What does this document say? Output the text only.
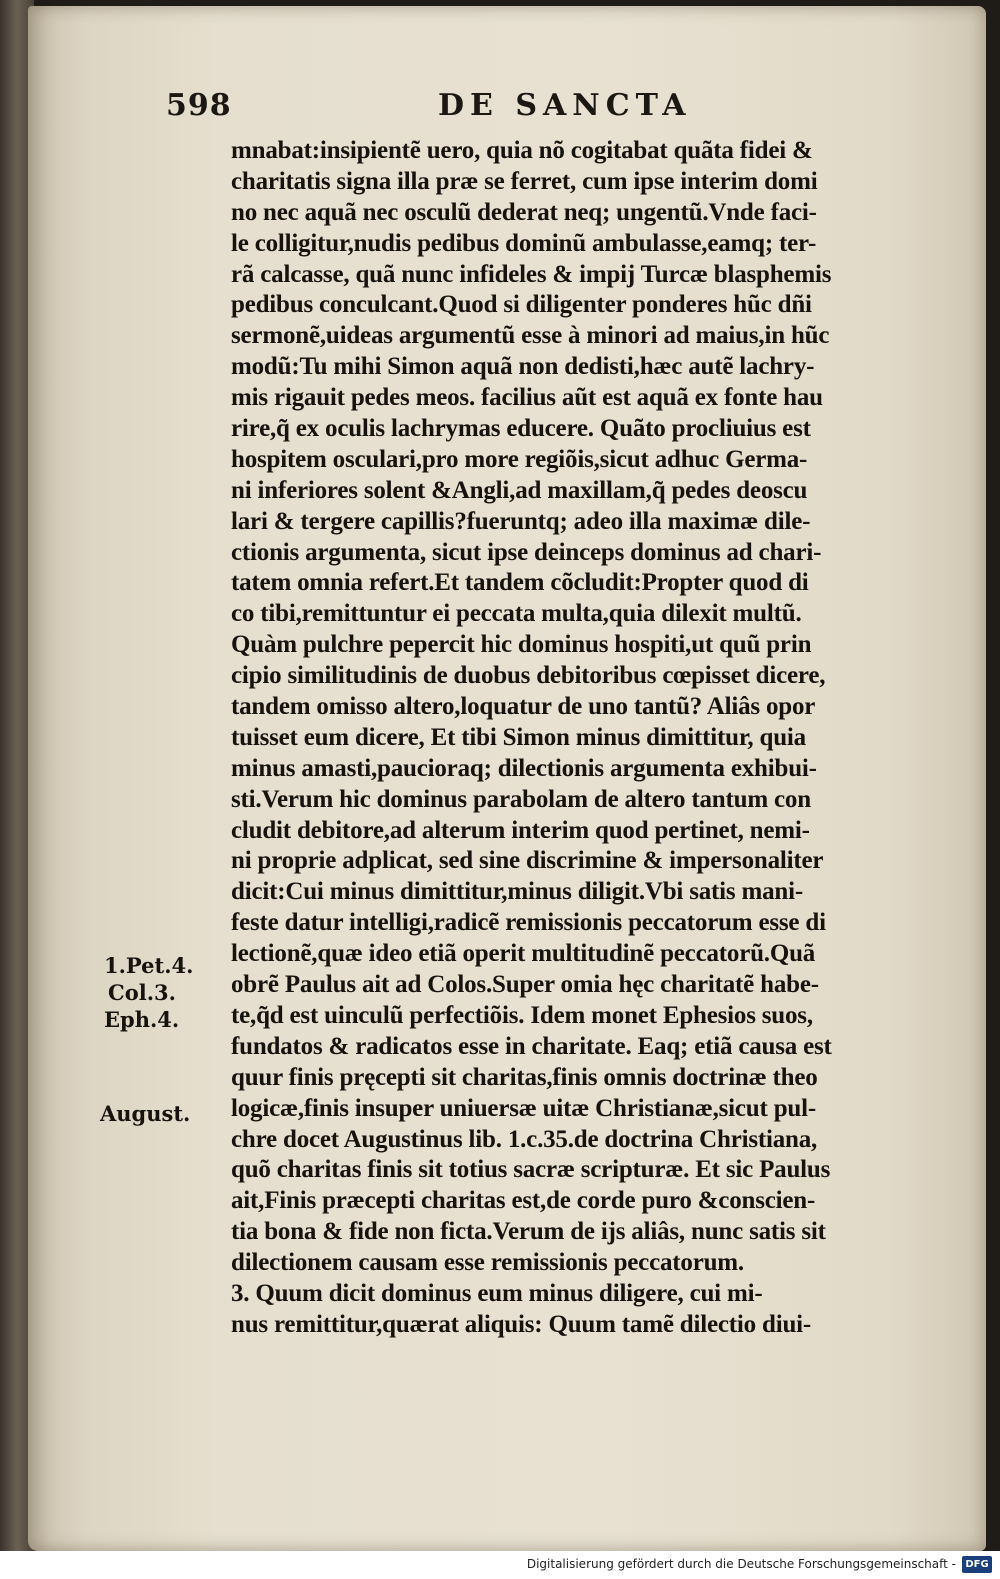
598	DE SANCTA
mnabat:insipientẽ uero, quia nõ cogitabat quãta fidei &
charitatis signa illa præ se ferret, cum ipse interim domi
no nec aquã nec osculũ dederat neq; ungentũ.Vnde faci-
le colligitur,nudis pedibus dominũ ambulasse,eamq; ter-
rã calcasse, quã nunc infideles & impij Turcæ blasphemis
pedibus conculcant.Quod si diligenter ponderes hũc dñi
sermonẽ,uideas argumentũ esse à minori ad maius,in hũc
modũ:Tu mihi Simon aquã non dedisti,hæc autẽ lachry-
mis rigauit pedes meos. facilius aũt est aquã ex fonte hau
rire,q̃ ex oculis lachrymas educere. Quãto procliuius est
hospitem osculari,pro more regiõis,sicut adhuc Germa-
ni inferiores solent &Angli,ad maxillam,q̃ pedes deoscu
lari & tergere capillis?fueruntq; adeo illa maximæ dile-
ctionis argumenta, sicut ipse deinceps dominus ad chari-
tatem omnia refert.Et tandem cõcludit:Propter quod di
co tibi,remittuntur ei peccata multa,quia dilexit multũ.
Quàm pulchre pepercit hic dominus hospiti,ut quũ prin
cipio similitudinis de duobus debitoribus cœpisset dicere,
tandem omisso altero,loquatur de uno tantũ? Aliâs opor
tuisset eum dicere, Et tibi Simon minus dimittitur, quia
minus amasti,paucioraq; dilectionis argumenta exhibui-
sti.Verum hic dominus parabolam de altero tantum con
cludit debitore,ad alterum interim quod pertinet, nemi-
ni proprie adplicat, sed sine discrimine & impersonaliter
dicit:Cui minus dimittitur,minus diligit.Vbi satis mani-
feste datur intelligi,radicẽ remissionis peccatorum esse di
lectionẽ,quæ ideo etiã operit multitudinẽ peccatorũ.Quã
obrẽ Paulus ait ad Colos.Super omia hęc charitatẽ habe-
te,q̃d est uinculũ perfectiõis. Idem monet Ephesios suos,
fundatos & radicatos esse in charitate. Eaq; etiã causa est
quur finis pręcepti sit charitas,finis omnis doctrinæ theo
logicæ,finis insuper uniuersæ uitæ Christianæ,sicut pul-
chre docet Augustinus lib. 1.c.35.de doctrina Christiana,
quõ charitas finis sit totius sacræ scripturæ. Et sic Paulus
ait,Finis præcepti charitas est,de corde puro &conscien-
tia bona & fide non ficta.Verum de ijs aliâs, nunc satis sit
dilectionem causam esse remissionis peccatorum.
3. Quum dicit dominus eum minus diligere, cui mi-
nus remittitur,quærat aliquis: Quum tamẽ dilectio diui-
1.Pet.4.
Col.3.
Eph.4.
August.
Digitalisierung gefördert durch die Deutsche Forschungsgemeinschaft - DFG
